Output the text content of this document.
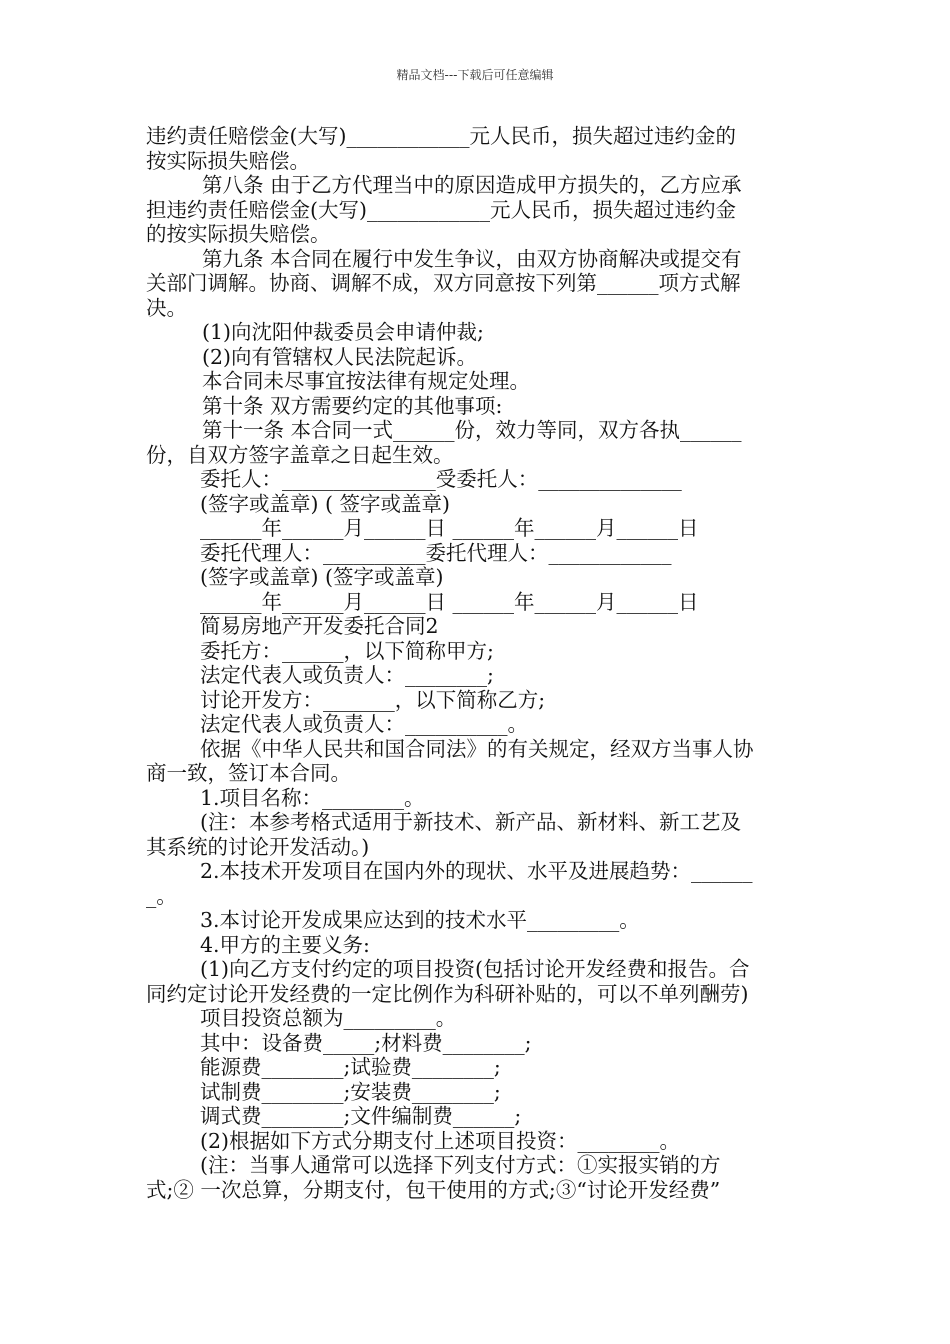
精品文档---下载后可任意编辑

违约责任赔偿金(大写)____________元人民币，损失超过违约金的

按实际损失赔偿。

第八条 由于乙方代理当中的原因造成甲方损失的，乙方应承

担违约责任赔偿金(大写)____________元人民币，损失超过违约金

的按实际损失赔偿。

第九条 本合同在履行中发生争议，由双方协商解决或提交有

关部门调解。协商、调解不成，双方同意按下列第______项方式解

决。

(1)向沈阳仲裁委员会申请仲裁;

(2)向有管辖权人民法院起诉。

本合同未尽事宜按法律有规定处理。

第十条 双方需要约定的其他事项:

第十一条 本合同一式______份，效力等同，双方各执______

份，自双方签字盖章之日起生效。

委托人：_______________受委托人：______________

(签字或盖章) ( 签字或盖章)

______年______月______日 ______年______月______日

委托代理人：__________委托代理人：____________

(签字或盖章) (签字或盖章)

______年______月______日 ______年______月______日

简易房地产开发委托合同2

委托方：______，以下简称甲方;

法定代表人或负责人：________;

讨论开发方：_______，以下简称乙方;

法定代表人或负责人：__________。

依据《中华人民共和国合同法》的有关规定，经双方当事人协

商一致，签订本合同。

1.项目名称：________。

(注：本参考格式适用于新技术、新产品、新材料、新工艺及

其系统的讨论开发活动。)

2.本技术开发项目在国内外的现状、水平及进展趋势：______

_。

3.本讨论开发成果应达到的技术水平_________。

4.甲方的主要义务:

(1)向乙方支付约定的项目投资(包括讨论开发经费和报告。合

同约定讨论开发经费的一定比例作为科研补贴的，可以不单列酬劳)

项目投资总额为_________。

其中：设备费_____;材料费________;

能源费________;试验费________;

试制费________;安装费________;

调式费________;文件编制费______;

(2)根据如下方式分期支付上述项目投资：________。

(注：当事人通常可以选择下列支付方式：①实报实销的方

式;② 一次总算，分期支付，包干使用的方式;③“讨论开发经费”
